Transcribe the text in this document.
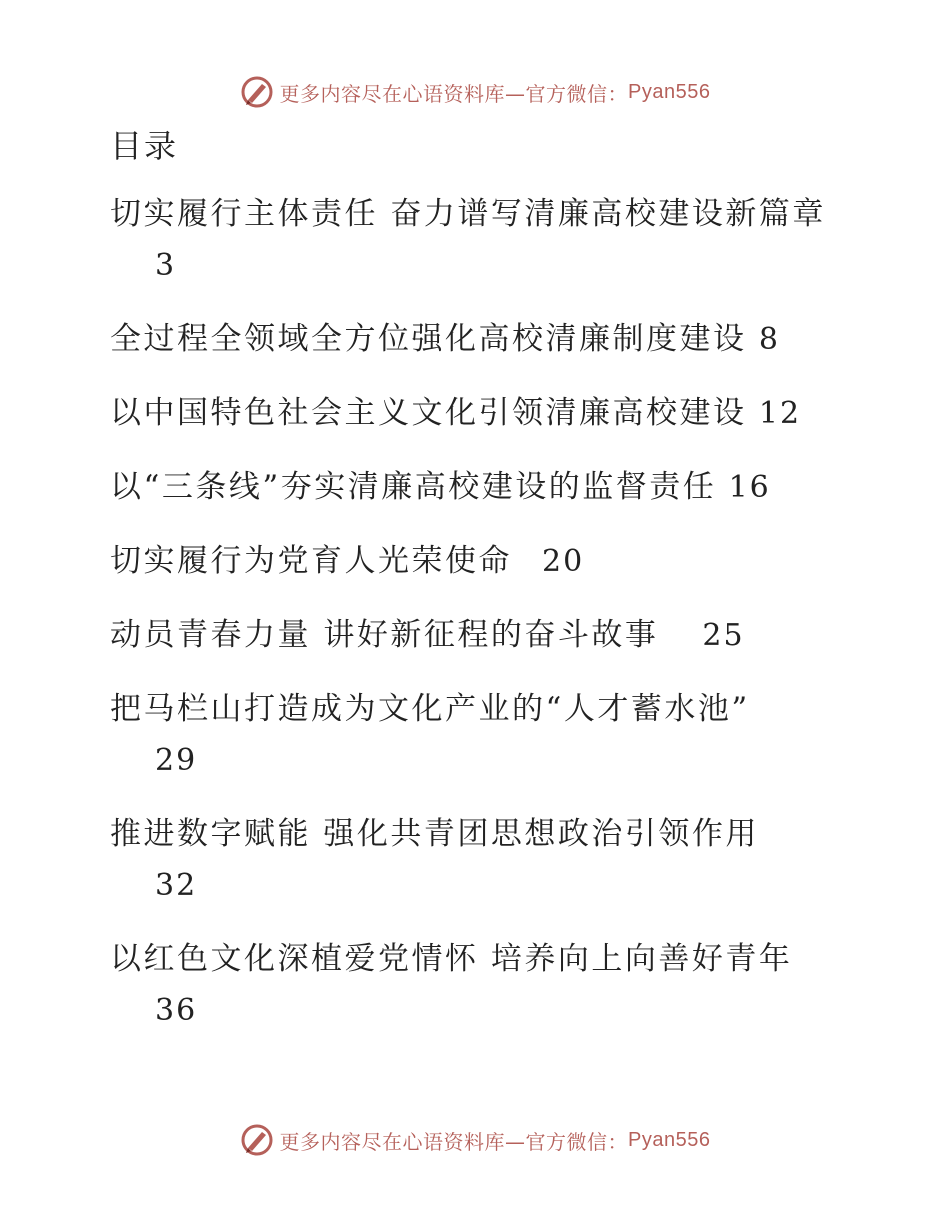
更多内容尽在心语资料库—官方微信： Pyan556
目录
切实履行主体责任 奋力谱写清廉高校建设新篇章
3
全过程全领域全方位强化高校清廉制度建设 8
以中国特色社会主义文化引领清廉高校建设 12
以“三条线”夯实清廉高校建设的监督责任 16
切实履行为党育人光荣使命 20
动员青春力量 讲好新征程的奋斗故事 25
把马栏山打造成为文化产业的“人才蓄水池”
29
推进数字赋能 强化共青团思想政治引领作用
32
以红色文化深植爱党情怀 培养向上向善好青年
36
更多内容尽在心语资料库—官方微信： Pyan556
